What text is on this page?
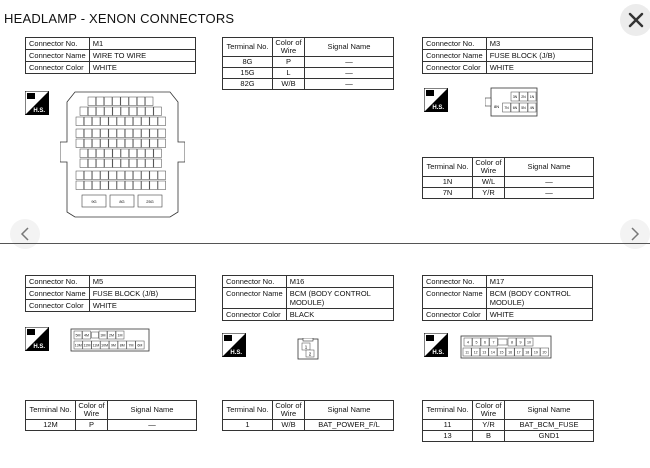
HEADLAMP - XENON CONNECTORS
Connector No.	M1
Connector Name	WIRE TO WIRE
Connector Color	WHITE
H.S.
9G	8G	25G
Terminal No.	Color of Wire	Signal Name
8G	P	—
15G	L	—
82G	W/B	—
Connector No.	M3
Connector Name	FUSE BLOCK (J/B)
Connector Color	WHITE
H.S.
3N 2N 1N
7N 6N 5N 4N
8N
Terminal No.	Color of Wire	Signal Name
1N	W/L	—
7N	Y/R	—
Connector No.	M5
Connector Name	FUSE BLOCK (J/B)
Connector Color	WHITE
H.S.
5M 4M	3M 2M 1M
13M 12M 11M 10M 9M 8M 7M 6M
Terminal No.	Color of Wire	Signal Name
12M	P	—
Connector No.	M16
Connector Name	BCM (BODY CONTROL MODULE)
Connector Color	BLACK
H.S.
1
2
Terminal No.	Color of Wire	Signal Name
1	W/B	BAT_POWER_F/L
Connector No.	M17
Connector Name	BCM (BODY CONTROL MODULE)
Connector Color	WHITE
H.S.
4 5 6 7	8 9 10
11 12 13 14 15 16 17 18 19 20
Terminal No.	Color of Wire	Signal Name
11	Y/R	BAT_BCM_FUSE
13	B	GND1
